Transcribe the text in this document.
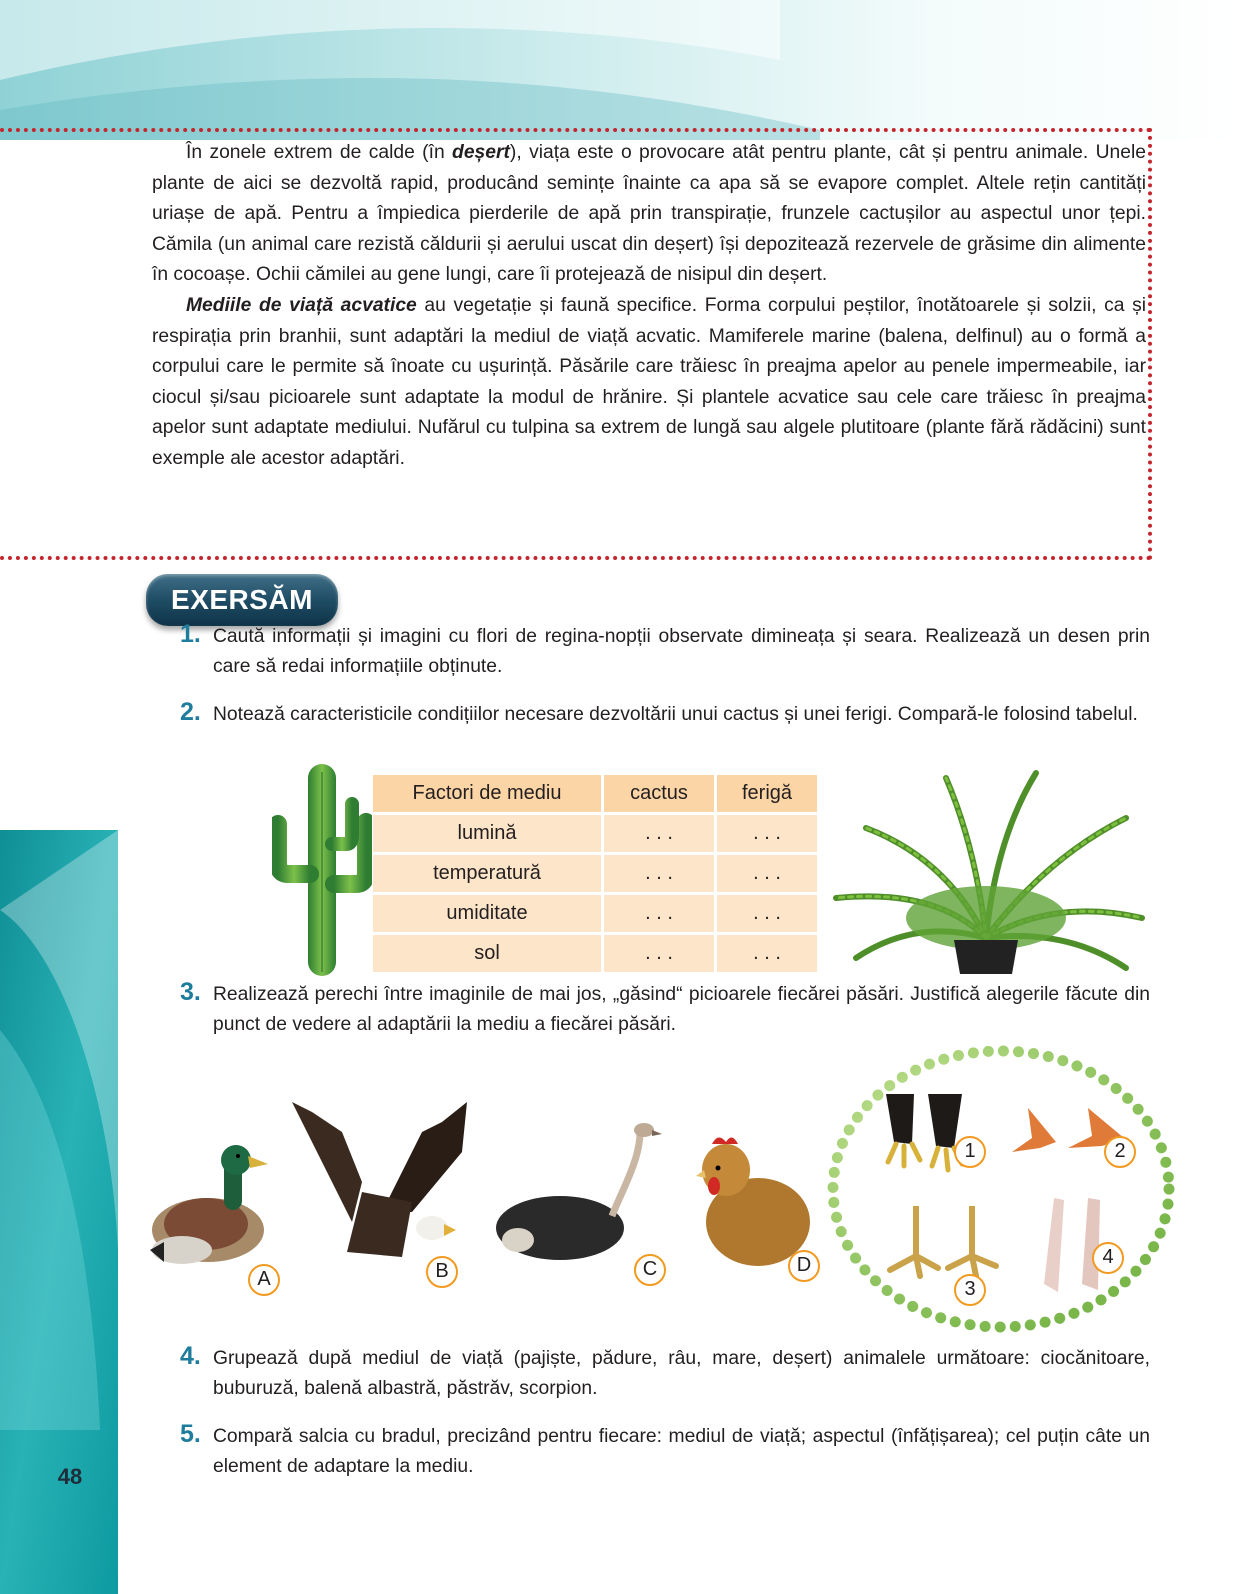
48

În zonele extrem de calde (în deșert), viața este o provocare atât pentru plante, cât și pentru animale. Unele plante de aici se dezvoltă rapid, producând semințe înainte ca apa să se evapore complet. Altele rețin cantități uriașe de apă. Pentru a împiedica pierderile de apă prin transpirație, frunzele cactușilor au aspectul unor țepi. Cămila (un animal care rezistă căldurii și aerului uscat din deșert) își depozitează rezervele de grăsime din alimente în cocoașe. Ochii cămilei au gene lungi, care îi protejează de nisipul din deșert.

Mediile de viață acvatice au vegetație și faună specifice. Forma corpului peștilor, înotătoarele și solzii, ca și respirația prin branhii, sunt adaptări la mediul de viață acvatic. Mamiferele marine (balena, delfinul) au o formă a corpului care le permite să înoate cu ușurință. Păsările care trăiesc în preajma apelor au penele impermeabile, iar ciocul și/sau picioarele sunt adaptate la modul de hrănire. Și plantele acvatice sau cele care trăiesc în preajma apelor sunt adaptate mediului. Nufărul cu tulpina sa extrem de lungă sau algele plutitoare (plante fără rădăcini) sunt exemple ale acestor adaptări.

EXERSĂM
1. Caută informații și imagini cu flori de regina-nopții observate dimineața și seara. Realizează un desen prin care să redai informațiile obținute.
2. Notează caracteristicile condițiilor necesare dezvoltării unui cactus și unei ferigi. Compară-le folosind tabelul.
Factori de mediu	cactus	ferigă
lumină	. . .	. . .
temperatură	. . .	. . .
umiditate	. . .	. . .
sol	. . .	. . .
3. Realizează perechi între imaginile de mai jos, „găsind“ picioarele fiecărei păsări. Justifică alegerile făcute din punct de vedere al adaptării la mediu a fiecărei păsări.
A	B	C	D
1	2
3
4
4. Grupează după mediul de viață (pajiște, pădure, râu, mare, deșert) animalele următoare: ciocănitoare, buburuză, balenă albastră, păstrăv, scorpion.
5. Compară salcia cu bradul, precizând pentru fiecare: mediul de viață; aspectul (înfățișarea); cel puțin câte un element de adaptare la mediu.
